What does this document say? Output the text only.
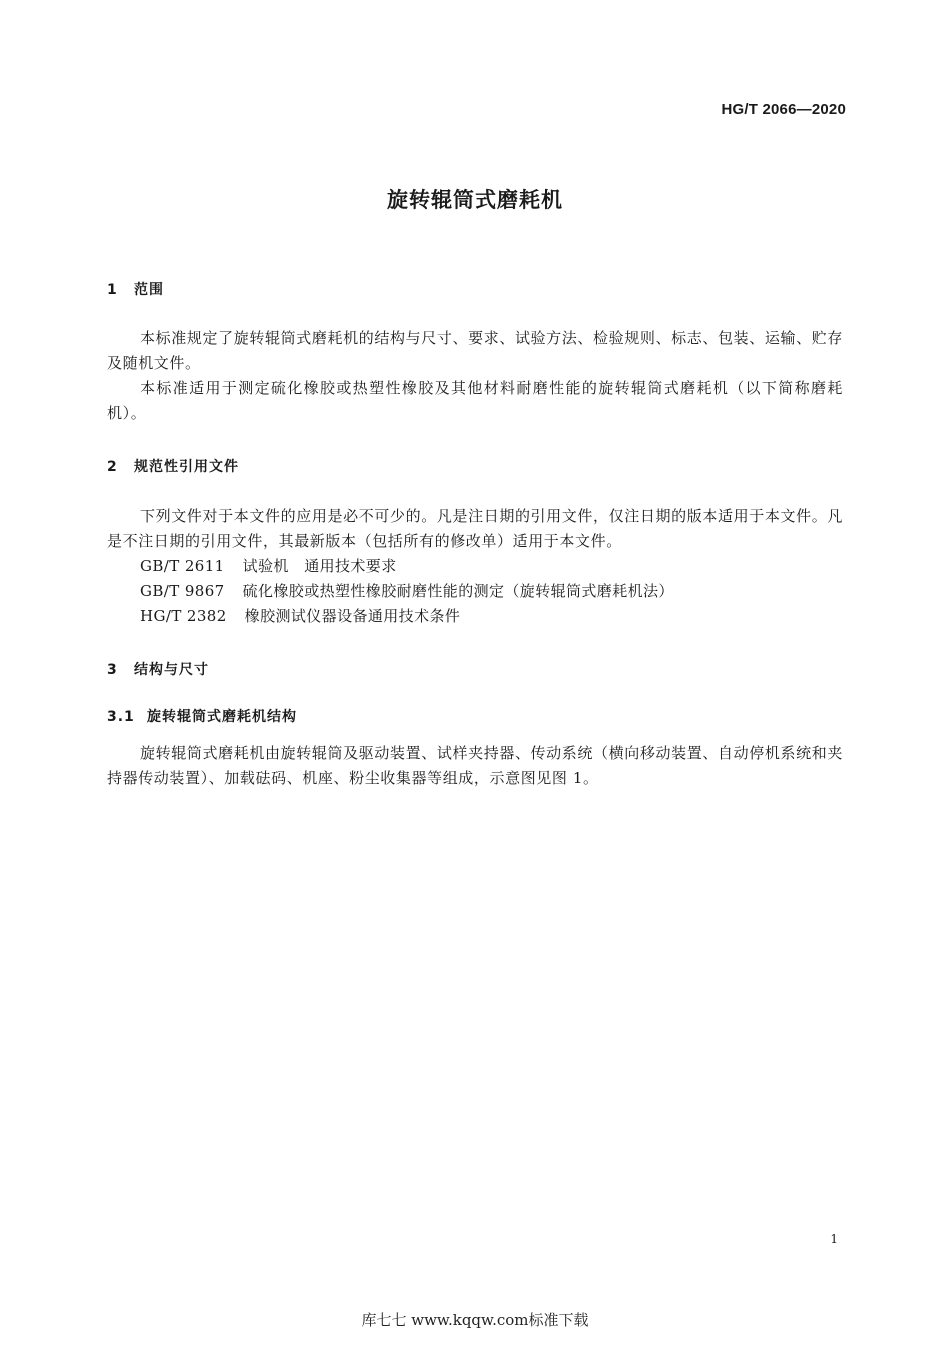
HG/T 2066—2020
旋转辊筒式磨耗机
1 范围
本标准规定了旋转辊筒式磨耗机的结构与尺寸、要求、试验方法、检验规则、标志、包装、运输、贮存及随机文件。
本标准适用于测定硫化橡胶或热塑性橡胶及其他材料耐磨性能的旋转辊筒式磨耗机（以下简称磨耗机）。
2 规范性引用文件
下列文件对于本文件的应用是必不可少的。凡是注日期的引用文件，仅注日期的版本适用于本文件。凡是不注日期的引用文件，其最新版本（包括所有的修改单）适用于本文件。
GB/T 2611 试验机　通用技术要求
GB/T 9867 硫化橡胶或热塑性橡胶耐磨性能的测定（旋转辊筒式磨耗机法）
HG/T 2382 橡胶测试仪器设备通用技术条件
3 结构与尺寸
3.1 旋转辊筒式磨耗机结构
旋转辊筒式磨耗机由旋转辊筒及驱动装置、试样夹持器、传动系统（横向移动装置、自动停机系统和夹持器传动装置）、加载砝码、机座、粉尘收集器等组成，示意图见图 1。
1
库七七 www.kqqw.com标准下载
